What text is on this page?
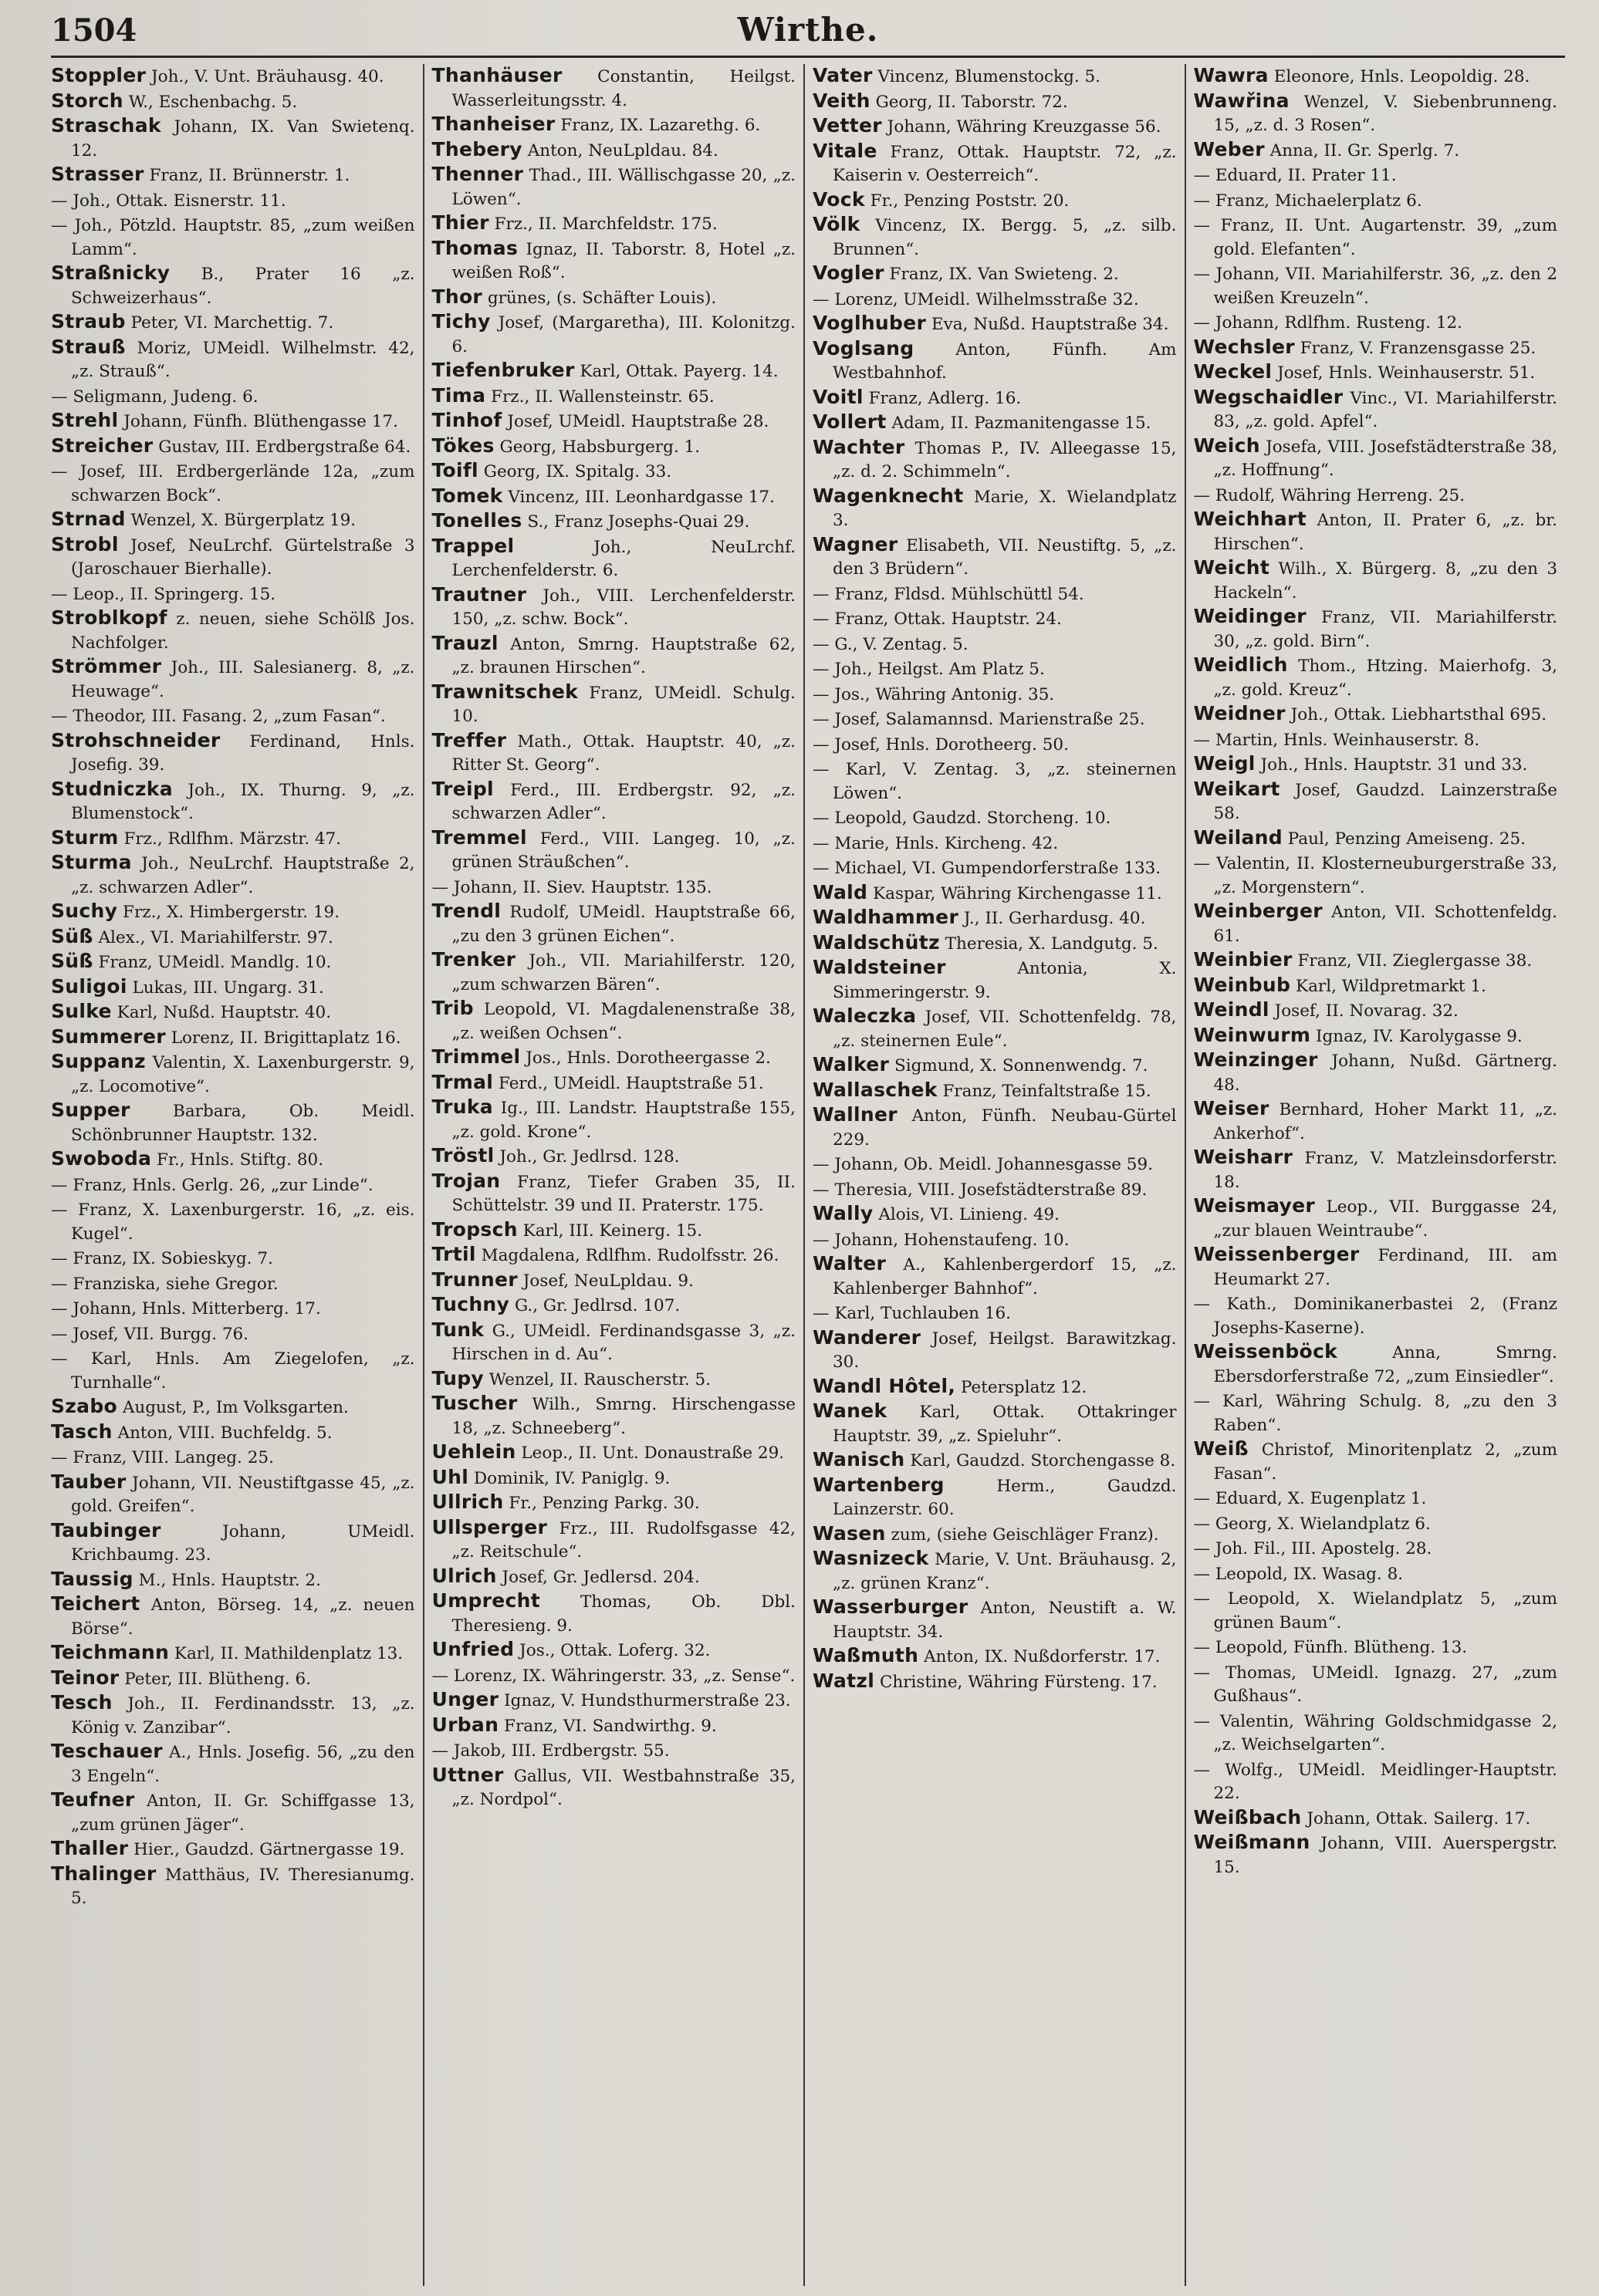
1504	Wirthe.

Stoppler Joh., V. Unt. Bräuhausg. 40.

Storch W., Eschenbachg. 5.

Straschak Johann, IX. Van Swietenq. 12.

Strasser Franz, II. Brünnerstr. 1.

— Joh., Ottak. Eisnerstr. 11.

— Joh., Pötzld. Hauptstr. 85, „zum weißen Lamm“.

Straßnicky B., Prater 16 „z. Schweizerhaus“.

Straub Peter, VI. Marchettig. 7.

Strauß Moriz, UMeidl. Wilhelmstr. 42, „z. Strauß“.

— Seligmann, Judeng. 6.

Strehl Johann, Fünfh. Blüthengasse 17.

Streicher Gustav, III. Erdbergstraße 64.

— Josef, III. Erdbergerlände 12a, „zum schwarzen Bock“.

Strnad Wenzel, X. Bürgerplatz 19.

Strobl Josef, NeuLrchf. Gürtelstraße 3 (Jaroschauer Bierhalle).

— Leop., II. Springerg. 15.

Stroblkopf z. neuen, siehe Schölß Jos. Nachfolger.

Strömmer Joh., III. Salesianerg. 8, „z. Heuwage“.

— Theodor, III. Fasang. 2, „zum Fasan“.

Strohschneider Ferdinand, Hnls. Josefig. 39.

Studniczka Joh., IX. Thurng. 9, „z. Blumenstock“.

Sturm Frz., Rdlfhm. Märzstr. 47.

Sturma Joh., NeuLrchf. Hauptstraße 2, „z. schwarzen Adler“.

Suchy Frz., X. Himbergerstr. 19.

Süß Alex., VI. Mariahilferstr. 97.

Süß Franz, UMeidl. Mandlg. 10.

Suligoi Lukas, III. Ungarg. 31.

Sulke Karl, Nußd. Hauptstr. 40.

Summerer Lorenz, II. Brigittaplatz 16.

Suppanz Valentin, X. Laxenburgerstr. 9, „z. Locomotive“.

Supper Barbara, Ob. Meidl. Schönbrunner Hauptstr. 132.

Swoboda Fr., Hnls. Stiftg. 80.

— Franz, Hnls. Gerlg. 26, „zur Linde“.

— Franz, X. Laxenburgerstr. 16, „z. eis. Kugel“.

— Franz, IX. Sobieskyg. 7.

— Franziska, siehe Gregor.

— Johann, Hnls. Mitterberg. 17.

— Josef, VII. Burgg. 76.

— Karl, Hnls. Am Ziegelofen, „z. Turnhalle“.

Szabo August, P., Im Volksgarten.

Tasch Anton, VIII. Buchfeldg. 5.

— Franz, VIII. Langeg. 25.

Tauber Johann, VII. Neustiftgasse 45, „z. gold. Greifen“.

Taubinger Johann, UMeidl. Krichbaumg. 23.

Taussig M., Hnls. Hauptstr. 2.

Teichert Anton, Börseg. 14, „z. neuen Börse“.

Teichmann Karl, II. Mathildenplatz 13.

Teinor Peter, III. Blütheng. 6.

Tesch Joh., II. Ferdinandsstr. 13, „z. König v. Zanzibar“.

Teschauer A., Hnls. Josefig. 56, „zu den 3 Engeln“.

Teufner Anton, II. Gr. Schiffgasse 13, „zum grünen Jäger“.

Thaller Hier., Gaudzd. Gärtnergasse 19.

Thalinger Matthäus, IV. Theresianumg. 5.

Thanhäuser Constantin, Heilgst. Wasserleitungsstr. 4.

Thanheiser Franz, IX. Lazarethg. 6.

Thebery Anton, NeuLpldau. 84.

Thenner Thad., III. Wällischgasse 20, „z. Löwen“.

Thier Frz., II. Marchfeldstr. 175.

Thomas Ignaz, II. Taborstr. 8, Hotel „z. weißen Roß“.

Thor grünes, (s. Schäfter Louis).

Tichy Josef, (Margaretha), III. Kolonitzg. 6.

Tiefenbruker Karl, Ottak. Payerg. 14.

Tima Frz., II. Wallensteinstr. 65.

Tinhof Josef, UMeidl. Hauptstraße 28.

Tökes Georg, Habsburgerg. 1.

Toifl Georg, IX. Spitalg. 33.

Tomek Vincenz, III. Leonhardgasse 17.

Tonelles S., Franz Josephs-Quai 29.

Trappel Joh., NeuLrchf. Lerchenfelderstr. 6.

Trautner Joh., VIII. Lerchenfelderstr. 150, „z. schw. Bock“.

Trauzl Anton, Smrng. Hauptstraße 62, „z. braunen Hirschen“.

Trawnitschek Franz, UMeidl. Schulg. 10.

Treffer Math., Ottak. Hauptstr. 40, „z. Ritter St. Georg“.

Treipl Ferd., III. Erdbergstr. 92, „z. schwarzen Adler“.

Tremmel Ferd., VIII. Langeg. 10, „z. grünen Sträußchen“.

— Johann, II. Siev. Hauptstr. 135.

Trendl Rudolf, UMeidl. Hauptstraße 66, „zu den 3 grünen Eichen“.

Trenker Joh., VII. Mariahilferstr. 120, „zum schwarzen Bären“.

Trib Leopold, VI. Magdalenenstraße 38, „z. weißen Ochsen“.

Trimmel Jos., Hnls. Dorotheergasse 2.

Trmal Ferd., UMeidl. Hauptstraße 51.

Truka Ig., III. Landstr. Hauptstraße 155, „z. gold. Krone“.

Tröstl Joh., Gr. Jedlrsd. 128.

Trojan Franz, Tiefer Graben 35, II. Schüttelstr. 39 und II. Praterstr. 175.

Tropsch Karl, III. Keinerg. 15.

Trtil Magdalena, Rdlfhm. Rudolfsstr. 26.

Trunner Josef, NeuLpldau. 9.

Tuchny G., Gr. Jedlrsd. 107.

Tunk G., UMeidl. Ferdinandsgasse 3, „z. Hirschen in d. Au“.

Tupy Wenzel, II. Rauscherstr. 5.

Tuscher Wilh., Smrng. Hirschengasse 18, „z. Schneeberg“.

Uehlein Leop., II. Unt. Donaustraße 29.

Uhl Dominik, IV. Paniglg. 9.

Ullrich Fr., Penzing Parkg. 30.

Ullsperger Frz., III. Rudolfsgasse 42, „z. Reitschule“.

Ulrich Josef, Gr. Jedlersd. 204.

Umprecht Thomas, Ob. Dbl. Theresieng. 9.

Unfried Jos., Ottak. Loferg. 32.

— Lorenz, IX. Währingerstr. 33, „z. Sense“.

Unger Ignaz, V. Hundsthurmerstraße 23.

Urban Franz, VI. Sandwirthg. 9.

— Jakob, III. Erdbergstr. 55.

Uttner Gallus, VII. Westbahnstraße 35, „z. Nordpol“.

Vater Vincenz, Blumenstockg. 5.

Veith Georg, II. Taborstr. 72.

Vetter Johann, Währing Kreuzgasse 56.

Vitale Franz, Ottak. Hauptstr. 72, „z. Kaiserin v. Oesterreich“.

Vock Fr., Penzing Poststr. 20.

Völk Vincenz, IX. Bergg. 5, „z. silb. Brunnen“.

Vogler Franz, IX. Van Swieteng. 2.

— Lorenz, UMeidl. Wilhelmsstraße 32.

Voglhuber Eva, Nußd. Hauptstraße 34.

Voglsang Anton, Fünfh. Am Westbahnhof.

Voitl Franz, Adlerg. 16.

Vollert Adam, II. Pazmanitengasse 15.

Wachter Thomas P., IV. Alleegasse 15, „z. d. 2. Schimmeln“.

Wagenknecht Marie, X. Wielandplatz 3.

Wagner Elisabeth, VII. Neustiftg. 5, „z. den 3 Brüdern“.

— Franz, Fldsd. Mühlschüttl 54.

— Franz, Ottak. Hauptstr. 24.

— G., V. Zentag. 5.

— Joh., Heilgst. Am Platz 5.

— Jos., Währing Antonig. 35.

— Josef, Salamannsd. Marienstraße 25.

— Josef, Hnls. Dorotheerg. 50.

— Karl, V. Zentag. 3, „z. steinernen Löwen“.

— Leopold, Gaudzd. Storcheng. 10.

— Marie, Hnls. Kircheng. 42.

— Michael, VI. Gumpendorferstraße 133.

Wald Kaspar, Währing Kirchengasse 11.

Waldhammer J., II. Gerhardusg. 40.

Waldschütz Theresia, X. Landgutg. 5.

Waldsteiner Antonia, X. Simmeringerstr. 9.

Waleczka Josef, VII. Schottenfeldg. 78, „z. steinernen Eule“.

Walker Sigmund, X. Sonnenwendg. 7.

Wallaschek Franz, Teinfaltstraße 15.

Wallner Anton, Fünfh. Neubau-Gürtel 229.

— Johann, Ob. Meidl. Johannesgasse 59.

— Theresia, VIII. Josefstädterstraße 89.

Wally Alois, VI. Linieng. 49.

— Johann, Hohenstaufeng. 10.

Walter A., Kahlenbergerdorf 15, „z. Kahlenberger Bahnhof“.

— Karl, Tuchlauben 16.

Wanderer Josef, Heilgst. Barawitzkag. 30.

Wandl Hôtel, Petersplatz 12.

Wanek Karl, Ottak. Ottakringer Hauptstr. 39, „z. Spieluhr“.

Wanisch Karl, Gaudzd. Storchengasse 8.

Wartenberg Herm., Gaudzd. Lainzerstr. 60.

Wasen zum, (siehe Geischläger Franz).

Wasnizeck Marie, V. Unt. Bräuhausg. 2, „z. grünen Kranz“.

Wasserburger Anton, Neustift a. W. Hauptstr. 34.

Waßmuth Anton, IX. Nußdorferstr. 17.

Watzl Christine, Währing Fürsteng. 17.

Wawra Eleonore, Hnls. Leopoldig. 28.

Wawřina Wenzel, V. Siebenbrunneng. 15, „z. d. 3 Rosen“.

Weber Anna, II. Gr. Sperlg. 7.

— Eduard, II. Prater 11.

— Franz, Michaelerplatz 6.

— Franz, II. Unt. Augartenstr. 39, „zum gold. Elefanten“.

— Johann, VII. Mariahilferstr. 36, „z. den 2 weißen Kreuzeln“.

— Johann, Rdlfhm. Rusteng. 12.

Wechsler Franz, V. Franzensgasse 25.

Weckel Josef, Hnls. Weinhauserstr. 51.

Wegschaidler Vinc., VI. Mariahilferstr. 83, „z. gold. Apfel“.

Weich Josefa, VIII. Josefstädterstraße 38, „z. Hoffnung“.

— Rudolf, Währing Herreng. 25.

Weichhart Anton, II. Prater 6, „z. br. Hirschen“.

Weicht Wilh., X. Bürgerg. 8, „zu den 3 Hackeln“.

Weidinger Franz, VII. Mariahilferstr. 30, „z. gold. Birn“.

Weidlich Thom., Htzing. Maierhofg. 3, „z. gold. Kreuz“.

Weidner Joh., Ottak. Liebhartsthal 695.

— Martin, Hnls. Weinhauserstr. 8.

Weigl Joh., Hnls. Hauptstr. 31 und 33.

Weikart Josef, Gaudzd. Lainzerstraße 58.

Weiland Paul, Penzing Ameiseng. 25.

— Valentin, II. Klosterneuburgerstraße 33, „z. Morgenstern“.

Weinberger Anton, VII. Schottenfeldg. 61.

Weinbier Franz, VII. Zieglergasse 38.

Weinbub Karl, Wildpretmarkt 1.

Weindl Josef, II. Novarag. 32.

Weinwurm Ignaz, IV. Karolygasse 9.

Weinzinger Johann, Nußd. Gärtnerg. 48.

Weiser Bernhard, Hoher Markt 11, „z. Ankerhof“.

Weisharr Franz, V. Matzleinsdorferstr. 18.

Weismayer Leop., VII. Burggasse 24, „zur blauen Weintraube“.

Weissenberger Ferdinand, III. am Heumarkt 27.

— Kath., Dominikanerbastei 2, (Franz Josephs-Kaserne).

Weissenböck Anna, Smrng. Ebersdorferstraße 72, „zum Einsiedler“.

— Karl, Währing Schulg. 8, „zu den 3 Raben“.

Weiß Christof, Minoritenplatz 2, „zum Fasan“.

— Eduard, X. Eugenplatz 1.

— Georg, X. Wielandplatz 6.

— Joh. Fil., III. Apostelg. 28.

— Leopold, IX. Wasag. 8.

— Leopold, X. Wielandplatz 5, „zum grünen Baum“.

— Leopold, Fünfh. Blütheng. 13.

— Thomas, UMeidl. Ignazg. 27, „zum Gußhaus“.

— Valentin, Währing Goldschmidgasse 2, „z. Weichselgarten“.

— Wolfg., UMeidl. Meidlinger-Hauptstr. 22.

Weißbach Johann, Ottak. Sailerg. 17.

Weißmann Johann, VIII. Auerspergstr. 15.
